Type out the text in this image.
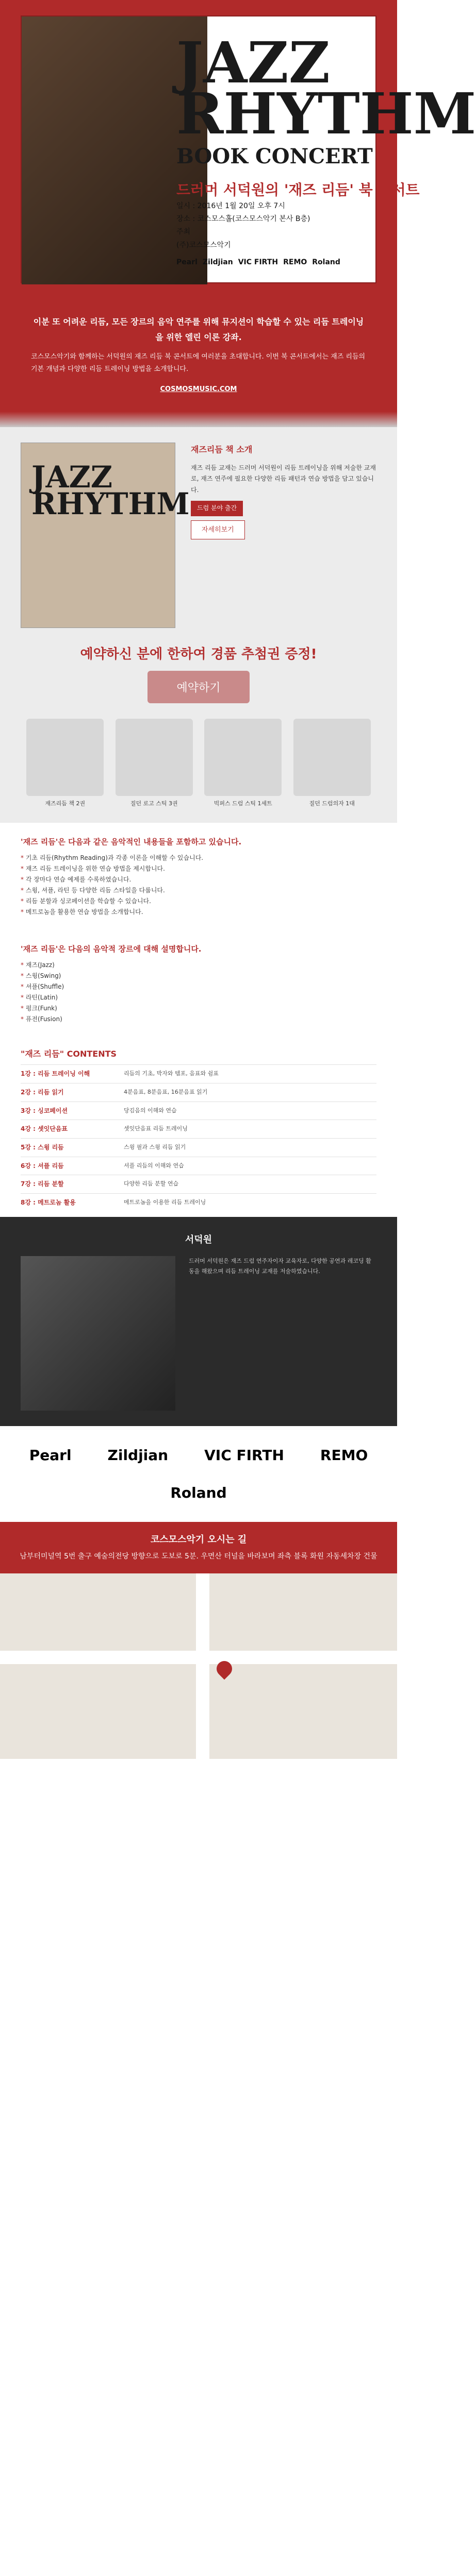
JAZZ RHYTHM
BOOK CONCERT
드러머 서덕원의 '재즈 리듬' 북 콘서트
일시 : 2016년 1월 20일 오후 7시
장소 : 코스모스홀(코스모스악기 본사 B층)
주최
(주)코스모스악기
Pearl Zildjian VIC FIRTH REMO Roland

이분 또 어려운 리듬, 모든 장르의 음악 연주를 위해 뮤지션이 학습할 수 있는 리듬 트레이닝을 위한 엘린 이론 강좌.

코스모스악기와 함께하는 서덕원의 재즈 리듬 북 콘서트에 여러분을 초대합니다. 이번 북 콘서트에서는 재즈 리듬의 기본 개념과 다양한 리듬 트레이닝 방법을 소개합니다.

COSMOSMUSIC.COM
JAZZ RHYTHM
재즈리듬 책 소개

재즈 리듬 교재는 드러머 서덕원이 리듬 트레이닝을 위해 저술한 교재로, 재즈 연주에 필요한 다양한 리듬 패턴과 연습 방법을 담고 있습니다.

드럼 분야 출간
자세히보기
예약하신 분에 한하여 경품 추첨권 증정!
예약하기
재즈리듬 책 2권	질던 로고 스틱 3권	빅퍼스 드럼 스틱 1세트	질던 드럼의자 1대
'재즈 리듬'은 다음과 같은 음악적인 내용들을 포함하고 있습니다.
* 기초 리듬(Rhythm Reading)과 각종 이론을 이해할 수 있습니다.
* 재즈 리듬 트레이닝을 위한 연습 방법을 제시합니다.
* 각 장마다 연습 예제를 수록하였습니다.
* 스윙, 셔플, 라틴 등 다양한 리듬 스타일을 다룹니다.
* 리듬 분할과 싱코페이션을 학습할 수 있습니다.
* 메트로놈을 활용한 연습 방법을 소개합니다.
'재즈 리듬'은 다음의 음악적 장르에 대해 설명합니다.
* 재즈(Jazz)
* 스윙(Swing)
* 셔플(Shuffle)
* 라틴(Latin)
* 펑크(Funk)
* 퓨전(Fusion)
"재즈 리듬" CONTENTS
1강 : 리듬 트레이닝 이해	리듬의 기초, 박자와 템포, 음표와 쉼표
2강 : 리듬 읽기	4분음표, 8분음표, 16분음표 읽기
3강 : 싱코페이션	당김음의 이해와 연습
4강 : 셋잇단음표	셋잇단음표 리듬 트레이닝
5강 : 스윙 리듬	스윙 필과 스윙 리듬 읽기
6강 : 셔플 리듬	셔플 리듬의 이해와 연습
7강 : 리듬 분할	다양한 리듬 분할 연습
8강 : 메트로놈 활용	메트로놈을 이용한 리듬 트레이닝
서덕원
드러머 서덕원은 재즈 드럼 연주자이자 교육자로, 다양한 공연과 레코딩 활동을 해왔으며 리듬 트레이닝 교재를 저술하였습니다.
Pearl	Zildjian	VIC FIRTH	REMO
Roland
코스모스악기 오시는 길

남부터미널역 5번 출구 예술의전당 방향으로 도보로 5분. 우면산 터널을 바라보며 좌측 블록 화원 자동세차장 건물
